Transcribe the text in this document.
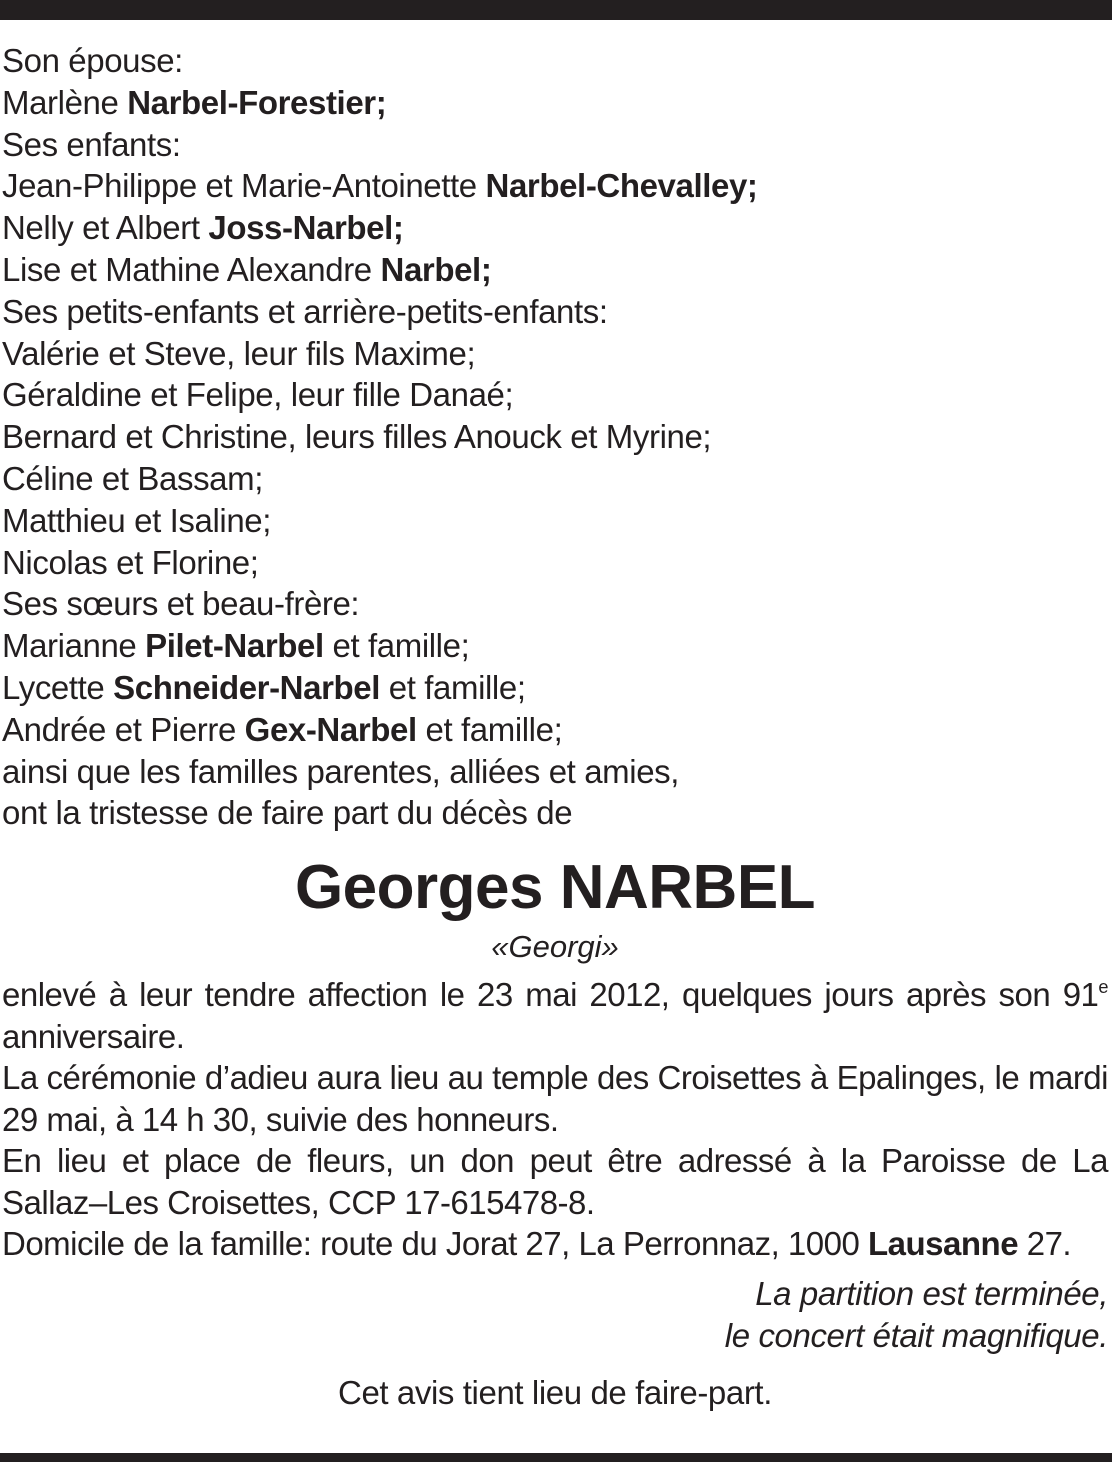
Son épouse:
Marlène Narbel-Forestier;
Ses enfants:
Jean-Philippe et Marie-Antoinette Narbel-Chevalley;
Nelly et Albert Joss-Narbel;
Lise et Mathine Alexandre Narbel;
Ses petits-enfants et arrière-petits-enfants:
Valérie et Steve, leur fils Maxime;
Géraldine et Felipe, leur fille Danaé;
Bernard et Christine, leurs filles Anouck et Myrine;
Céline et Bassam;
Matthieu et Isaline;
Nicolas et Florine;
Ses sœurs et beau-frère:
Marianne Pilet-Narbel et famille;
Lycette Schneider-Narbel et famille;
Andrée et Pierre Gex-Narbel et famille;
ainsi que les familles parentes, alliées et amies,
ont la tristesse de faire part du décès de
Georges NARBEL
«Georgi»
enlevé à leur tendre affection le 23 mai 2012, quelques jours après son 91e anniversaire.
La cérémonie d’adieu aura lieu au temple des Croisettes à Epalinges, le mardi 29 mai, à 14 h 30, suivie des honneurs.
En lieu et place de fleurs, un don peut être adressé à la Paroisse de La Sallaz–Les Croisettes, CCP 17-615478-8.
Domicile de la famille: route du Jorat 27, La Perronnaz, 1000 Lausanne 27.
La partition est terminée,
le concert était magnifique.
Cet avis tient lieu de faire-part.
